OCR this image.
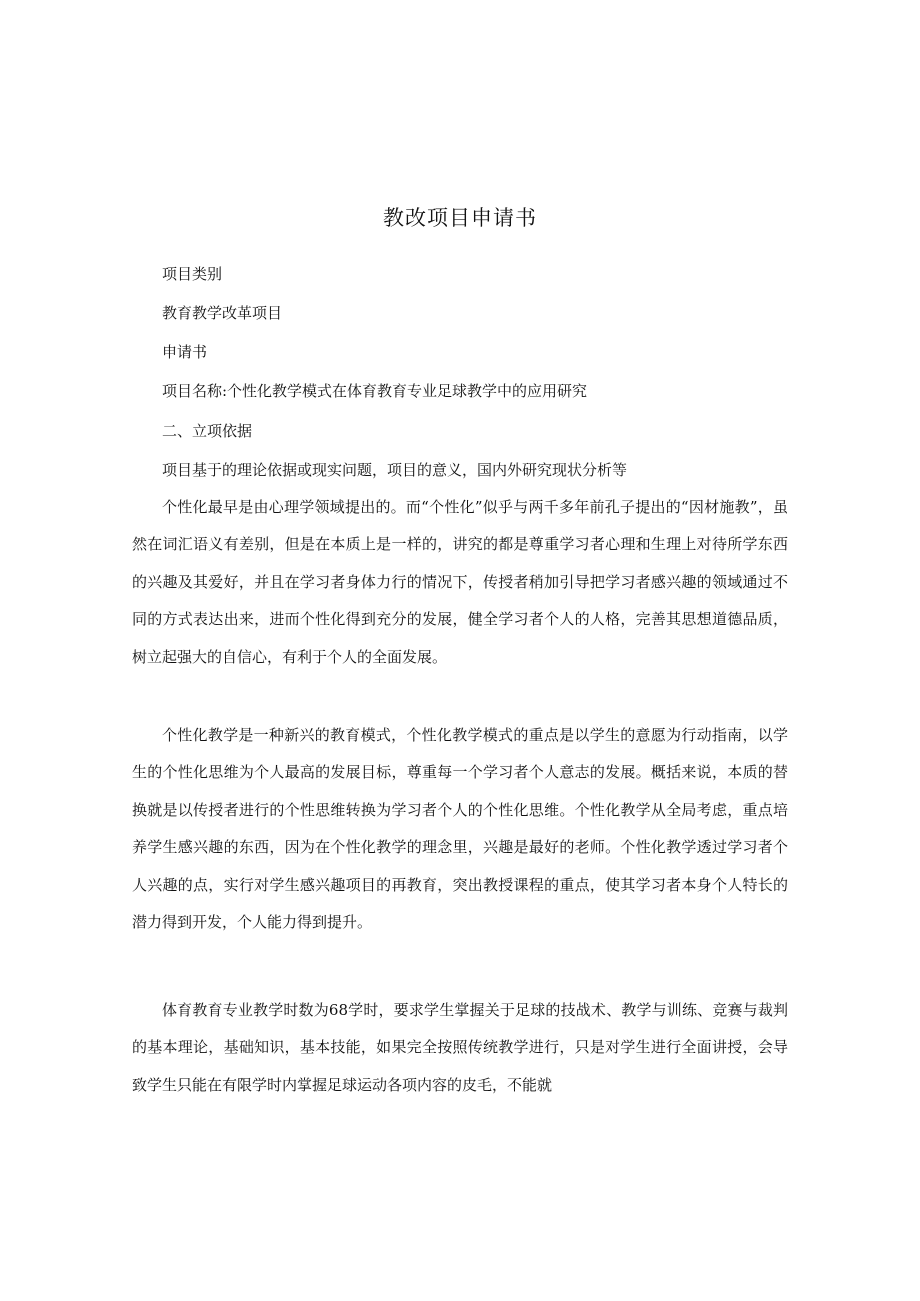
教改项目申请书
项目类别
教育教学改革项目
申请书
项目名称:个性化教学模式在体育教育专业足球教学中的应用研究
二、立项依据
项目基于的理论依据或现实问题，项目的意义，国内外研究现状分析等

个性化最早是由心理学领域提出的。而“个性化”似乎与两千多年前孔子提出的“因材施教”，虽然在词汇语义有差别，但是在本质上是一样的，讲究的都是尊重学习者心理和生理上对待所学东西的兴趣及其爱好，并且在学习者身体力行的情况下，传授者稍加引导把学习者感兴趣的领域通过不同的方式表达出来，进而个性化得到充分的发展，健全学习者个人的人格，完善其思想道德品质，树立起强大的自信心，有利于个人的全面发展。

个性化教学是一种新兴的教育模式，个性化教学模式的重点是以学生的意愿为行动指南，以学生的个性化思维为个人最高的发展目标，尊重每一个学习者个人意志的发展。概括来说，本质的替换就是以传授者进行的个性思维转换为学习者个人的个性化思维。个性化教学从全局考虑，重点培养学生感兴趣的东西，因为在个性化教学的理念里，兴趣是最好的老师。个性化教学透过学习者个人兴趣的点，实行对学生感兴趣项目的再教育，突出教授课程的重点，使其学习者本身个人特长的潜力得到开发，个人能力得到提升。

体育教育专业教学时数为68学时，要求学生掌握关于足球的技战术、教学与训练、竞赛与裁判的基本理论，基础知识，基本技能，如果完全按照传统教学进行，只是对学生进行全面讲授，会导致学生只能在有限学时内掌握足球运动各项内容的皮毛，不能就
